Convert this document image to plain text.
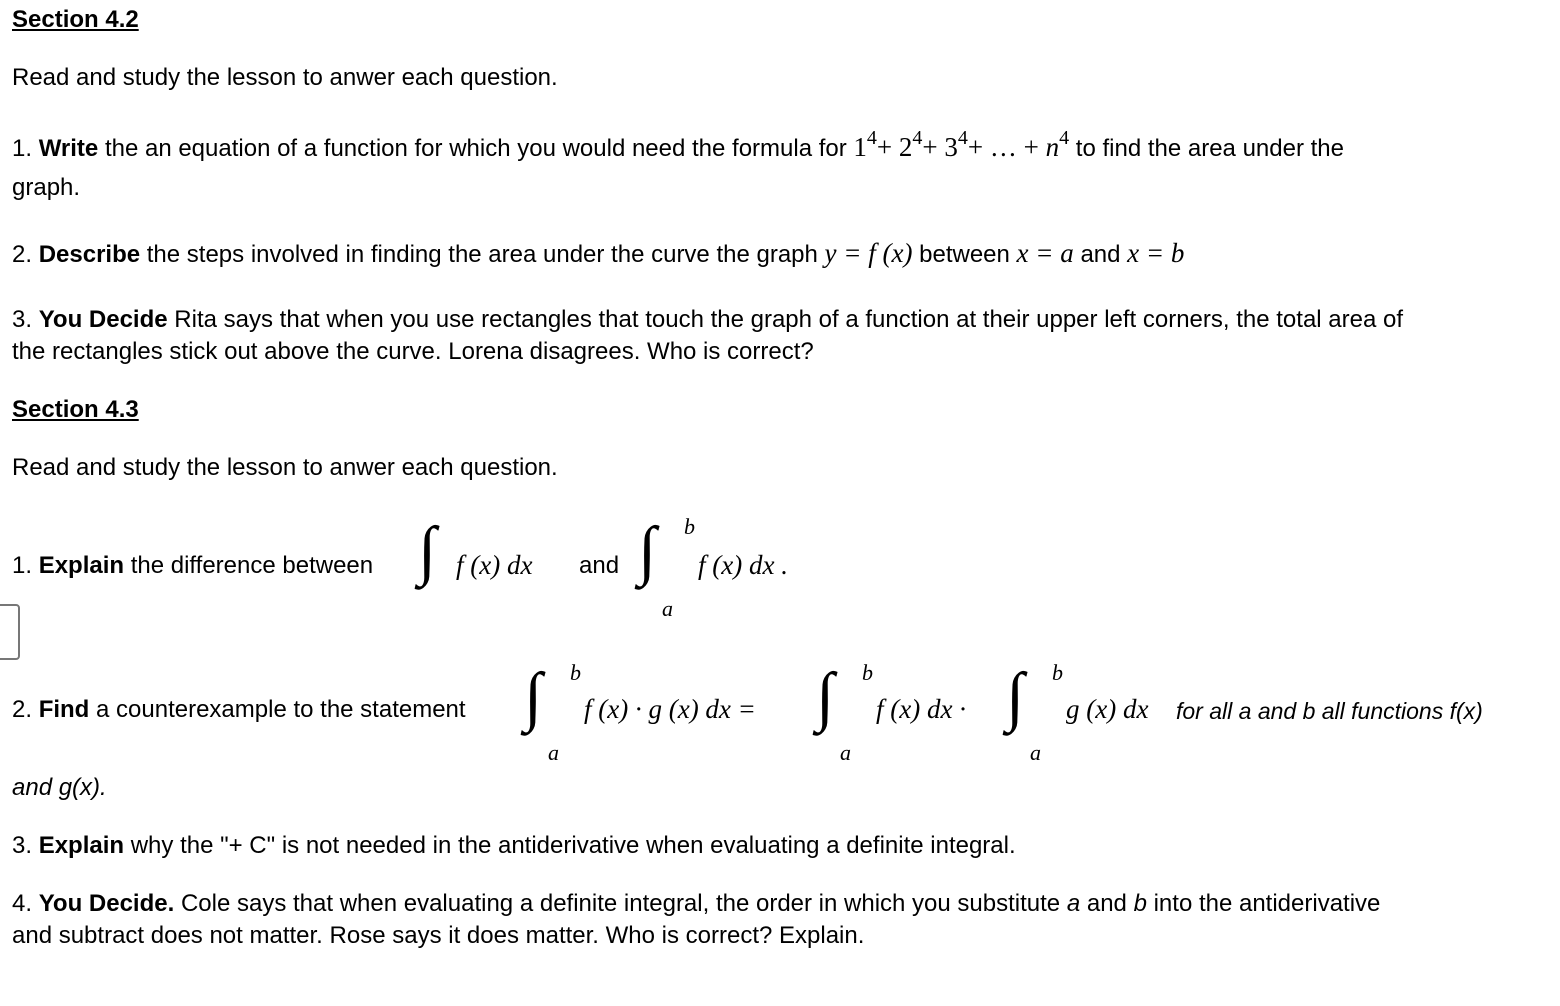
Section 4.2
Read and study the lesson to anwer each question.
1. Write the an equation of a function for which you would need the formula for $1^4+ 2^4+ 3^4+$ … + $n^4$ to find the area under the
graph.
2. Describe the steps involved in finding the area under the curve the graph y = f (x) between x = a and x = b
3. You Decide Rita says that when you use rectangles that touch the graph of a function at their upper left corners, the total area of
the rectangles stick out above the curve. Lorena disagrees. Who is correct?
Section 4.3
Read and study the lesson to anwer each question.
1. Explain the difference between ∫ f (x) dx and ∫ b
a
f (x) dx .
2. Find a counterexample to the statement ∫ b
a
f (x) · g (x) dx = ∫ b
a
f (x) dx · ∫ b
a
g (x) dx for all a and b all functions f(x)
and g(x).
3. Explain why the "+ C" is not needed in the antiderivative when evaluating a definite integral.
4. You Decide. Cole says that when evaluating a definite integral, the order in which you substitute a and b into the antiderivative
and subtract does not matter. Rose says it does matter. Who is correct? Explain.
